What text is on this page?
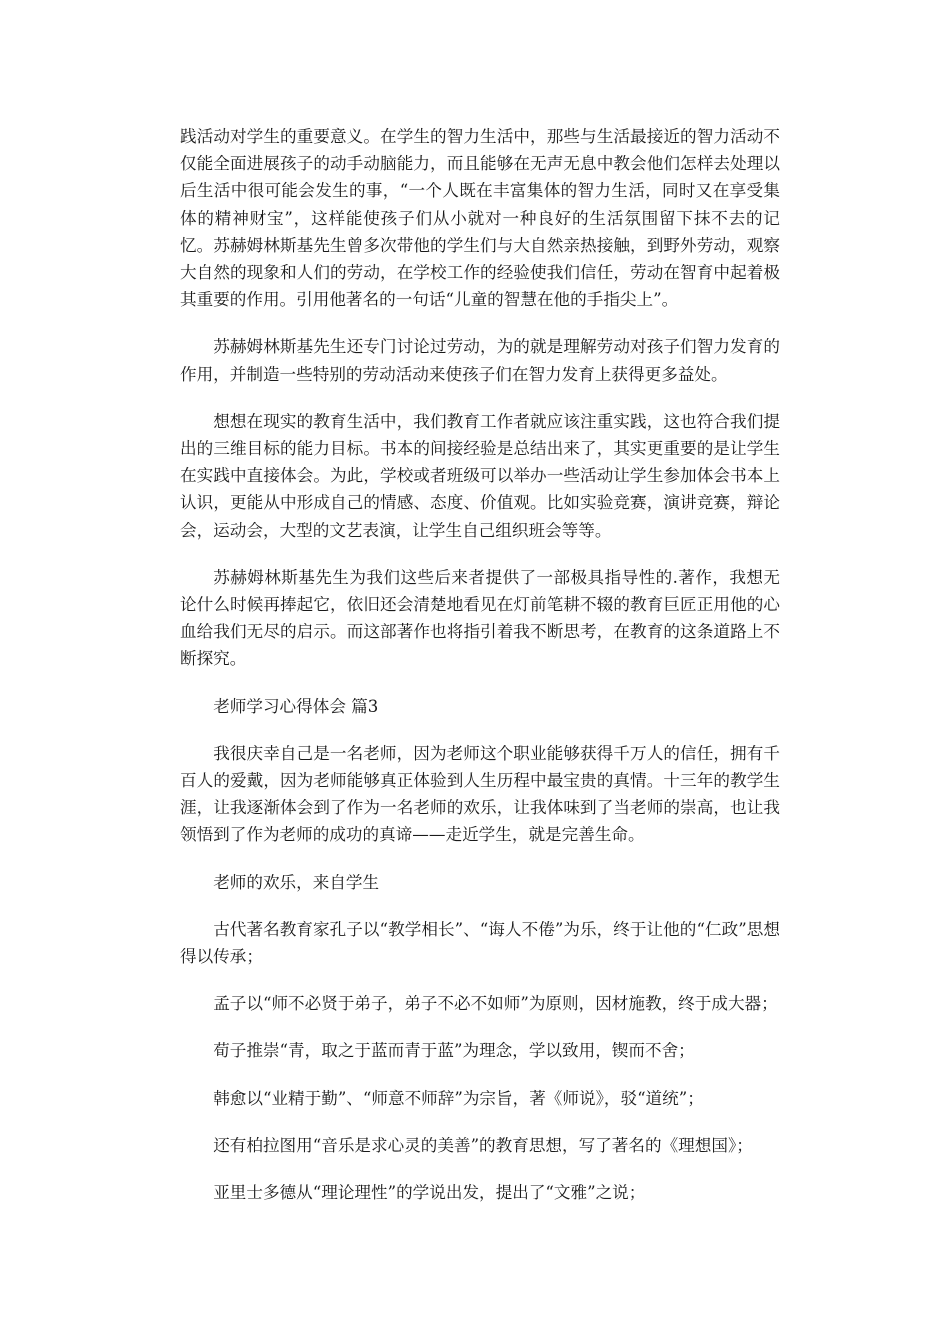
践活动对学生的重要意义。在学生的智力生活中，那些与生活最接近的智力活动不仅能全面进展孩子的动手动脑能力，而且能够在无声无息中教会他们怎样去处理以后生活中很可能会发生的事，“一个人既在丰富集体的智力生活，同时又在享受集体的精神财宝”，这样能使孩子们从小就对一种良好的生活氛围留下抹不去的记忆。苏赫姆林斯基先生曾多次带他的学生们与大自然亲热接触，到野外劳动，观察大自然的现象和人们的劳动，在学校工作的经验使我们信任，劳动在智育中起着极其重要的作用。引用他著名的一句话“儿童的智慧在他的手指尖上”。

苏赫姆林斯基先生还专门讨论过劳动，为的就是理解劳动对孩子们智力发育的作用，并制造一些特别的劳动活动来使孩子们在智力发育上获得更多益处。

想想在现实的教育生活中，我们教育工作者就应该注重实践，这也符合我们提出的三维目标的能力目标。书本的间接经验是总结出来了，其实更重要的是让学生在实践中直接体会。为此，学校或者班级可以举办一些活动让学生参加体会书本上认识，更能从中形成自己的情感、态度、价值观。比如实验竞赛，演讲竞赛，辩论会，运动会，大型的文艺表演，让学生自己组织班会等等。

苏赫姆林斯基先生为我们这些后来者提供了一部极具指导性的.著作，我想无论什么时候再捧起它，依旧还会清楚地看见在灯前笔耕不辍的教育巨匠正用他的心血给我们无尽的启示。而这部著作也将指引着我不断思考，在教育的这条道路上不断探究。

老师学习心得体会 篇3

我很庆幸自己是一名老师，因为老师这个职业能够获得千万人的信任，拥有千百人的爱戴，因为老师能够真正体验到人生历程中最宝贵的真情。十三年的教学生涯，让我逐渐体会到了作为一名老师的欢乐，让我体味到了当老师的崇高，也让我领悟到了作为老师的成功的真谛——走近学生，就是完善生命。

老师的欢乐，来自学生

古代著名教育家孔子以“教学相长”、“诲人不倦”为乐，终于让他的“仁政”思想得以传承；

孟子以“师不必贤于弟子，弟子不必不如师”为原则，因材施教，终于成大器；

荀子推崇“青，取之于蓝而青于蓝”为理念，学以致用，锲而不舍；

韩愈以“业精于勤”、“师意不师辞”为宗旨，著《师说》，驳“道统”；

还有柏拉图用“音乐是求心灵的美善”的教育思想，写了著名的《理想国》；

亚里士多德从“理论理性”的学说出发，提出了“文雅”之说；
